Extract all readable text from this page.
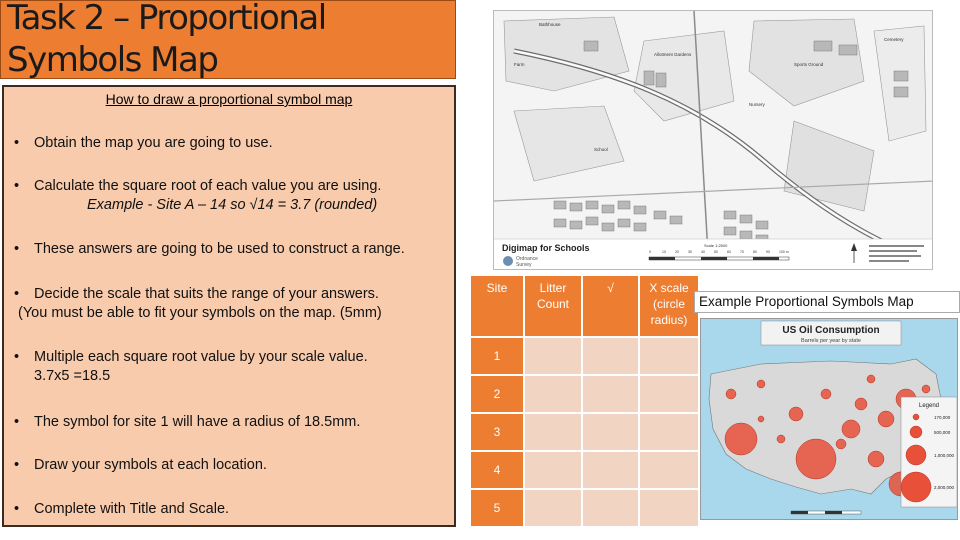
Task 2 – Proportional Symbols Map
How to draw a proportional symbol map
• Obtain the map you are going to use.
• Calculate the square root of each value you are using.
Example - Site A – 14 so √14 = 3.7 (rounded)
• These answers are going to be used to construct a range.
• Decide the scale that suits the range of your answers.
(You must be able to fit your symbols on the map. (5mm)
• Multiple each square root value by your scale value.
3.7x5 =18.5
• The symbol for site 1 will have a radius of 18.5mm.
• Draw your symbols at each location.
• Complete with Title and Scale.
Bathhouse
Farm
Allotment Gardens
Sports Ground
Cemetery
Nursery
School
Digimap for Schools
Ordnance
Survey
Scale 1:2500
0	10	20	30	40	50	60	70	80	90	100 m
Site	Litter Count	√	X scale (circle radius)
1			
2			
3			
4			
5			
Example Proportional Symbols Map
US Oil Consumption
Barrels per year by state
Legend
170,000
500,000
1,000,000
2,000,000
